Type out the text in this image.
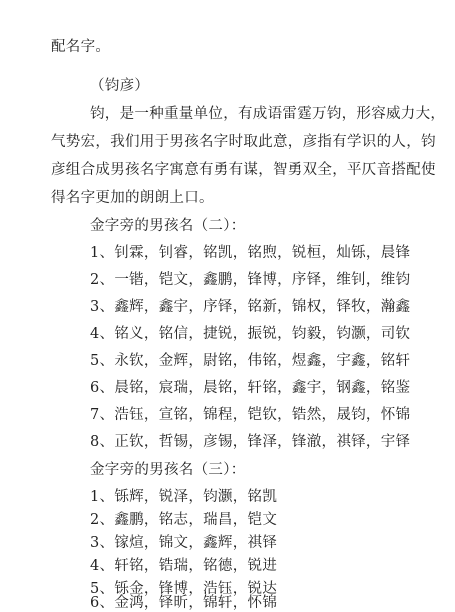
配名字。
（钧彦）
钧，是一种重量单位，有成语雷霆万钧，形容威力大，
气势宏，我们用于男孩名字时取此意，彦指有学识的人，钧
彦组合成男孩名字寓意有勇有谋，智勇双全，平仄音搭配使
得名字更加的朗朗上口。
金字旁的男孩名（二）：
1、钊霖，钊睿，铭凯，铭煦，锐桓，灿铄，晨锋
2、一锴，铠文，鑫鹏，锋博，序铎，维钊，维钧
3、鑫辉，鑫宇，序铎，铭新，锦权，铎牧，瀚鑫
4、铭义，铭信，捷锐，振锐，钧毅，钧灏，司钦
5、永钦，金辉，尉铭，伟铭，煜鑫，宇鑫，铭轩
6、晨铭，宸瑞，晨铭，轩铭，鑫宇，钢鑫，铭鉴
7、浩钰，宣铭，锦程，铠钦，锆然，晟钧，怀锦
8、正钦，哲锡，彦锡，锋泽，锋澈，祺铎，宇铎
金字旁的男孩名（三）：
1、铄辉，锐泽，钧灏，铭凯
2、鑫鹏，铭志，瑞昌，铠文
3、镓煊，锦文，鑫辉，祺铎
4、轩铭，锆瑞，铭德，锐进
5、铄金，锋博，浩钰，锐达
6、金鸿，铎昕，锦轩，怀锦
